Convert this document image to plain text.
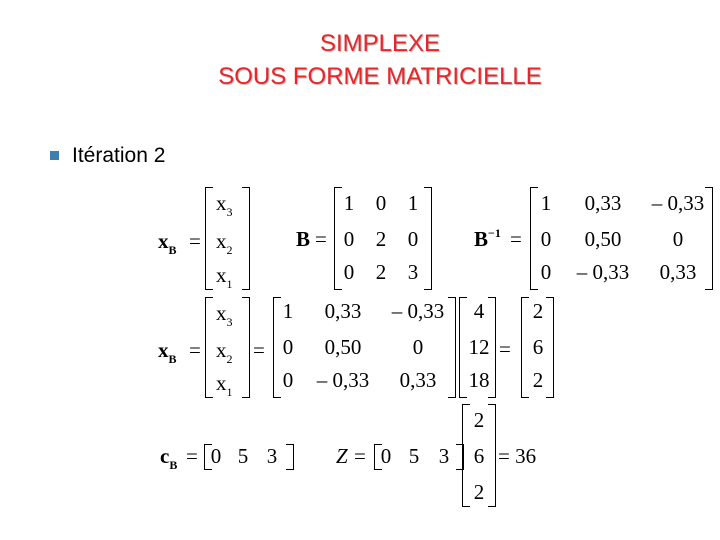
SIMPLEXE
SOUS FORME MATRICIELLE
Itération 2
$x_B$ =
$x_3$
$x_2$
$x_1$
B =
1 0 1
0 2 0
0 2 3
$B^{-1}$ =
1	0,33	– 0,33
0	0,50	0
0	– 0,33	0,33
$x_B$ =
$x_3$
$x_2$
$x_1$
=
1	0,33	– 0,33
0	0,50	0
0	– 0,33	0,33
4
12
18
=
2
6
2
$c_B = 0$ 5 3	Z = 0 5 3
2
6
2
= 36
